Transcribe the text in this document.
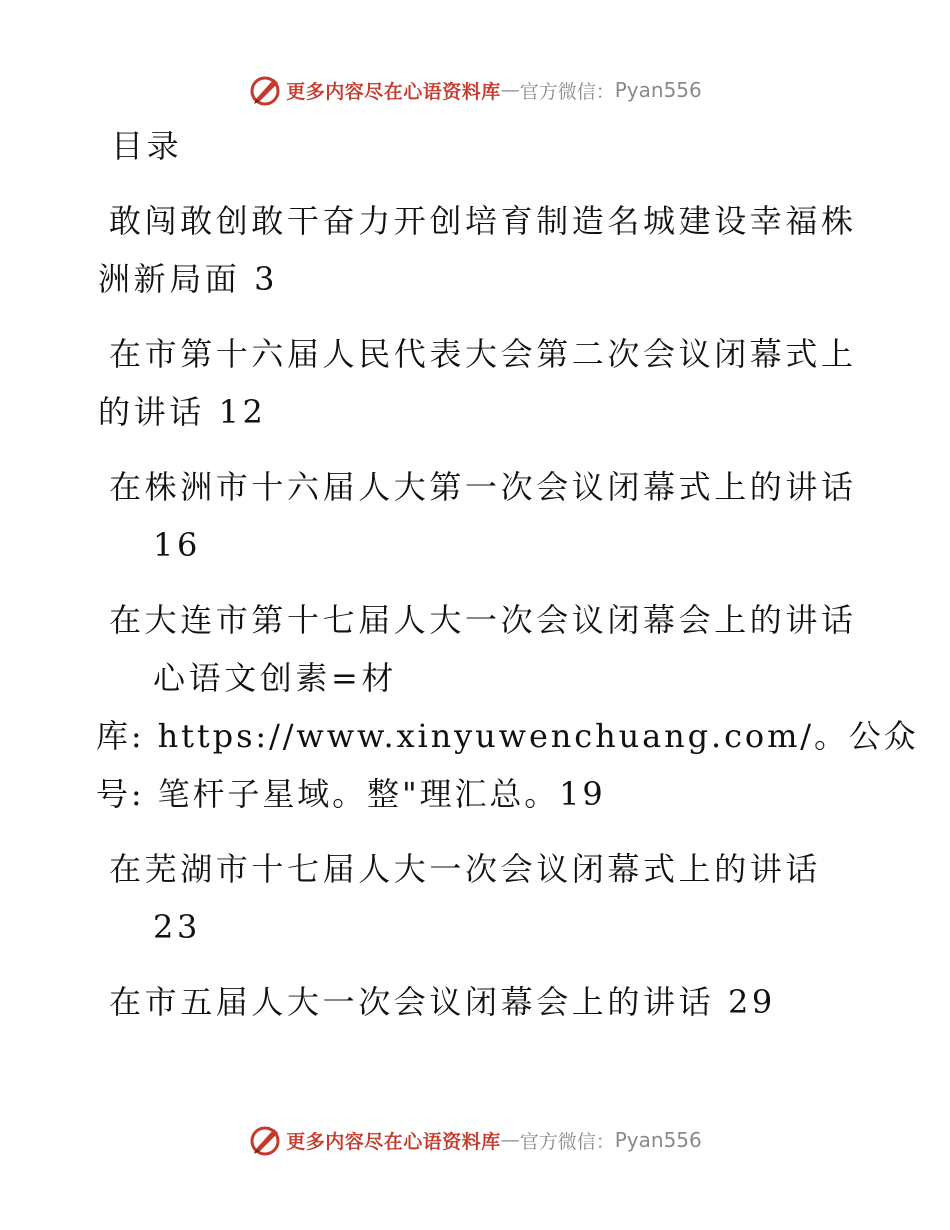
更多内容尽在心语资料库 — 官方微信： Pyan556
目录
敢闯敢创敢干奋力开创培育制造名城建设幸福株
洲新局面 3
在市第十六届人民代表大会第二次会议闭幕式上
的讲话 12
在株洲市十六届人大第一次会议闭幕式上的讲话
16
在大连市第十七届人大一次会议闭幕会上的讲话
心语文创素=材
库: https://www.xinyuwenchuang.com/。公众
号: 笔杆子星域。整"理汇总。19
在芜湖市十七届人大一次会议闭幕式上的讲话
23
在市五届人大一次会议闭幕会上的讲话 29
更多内容尽在心语资料库 — 官方微信： Pyan556
